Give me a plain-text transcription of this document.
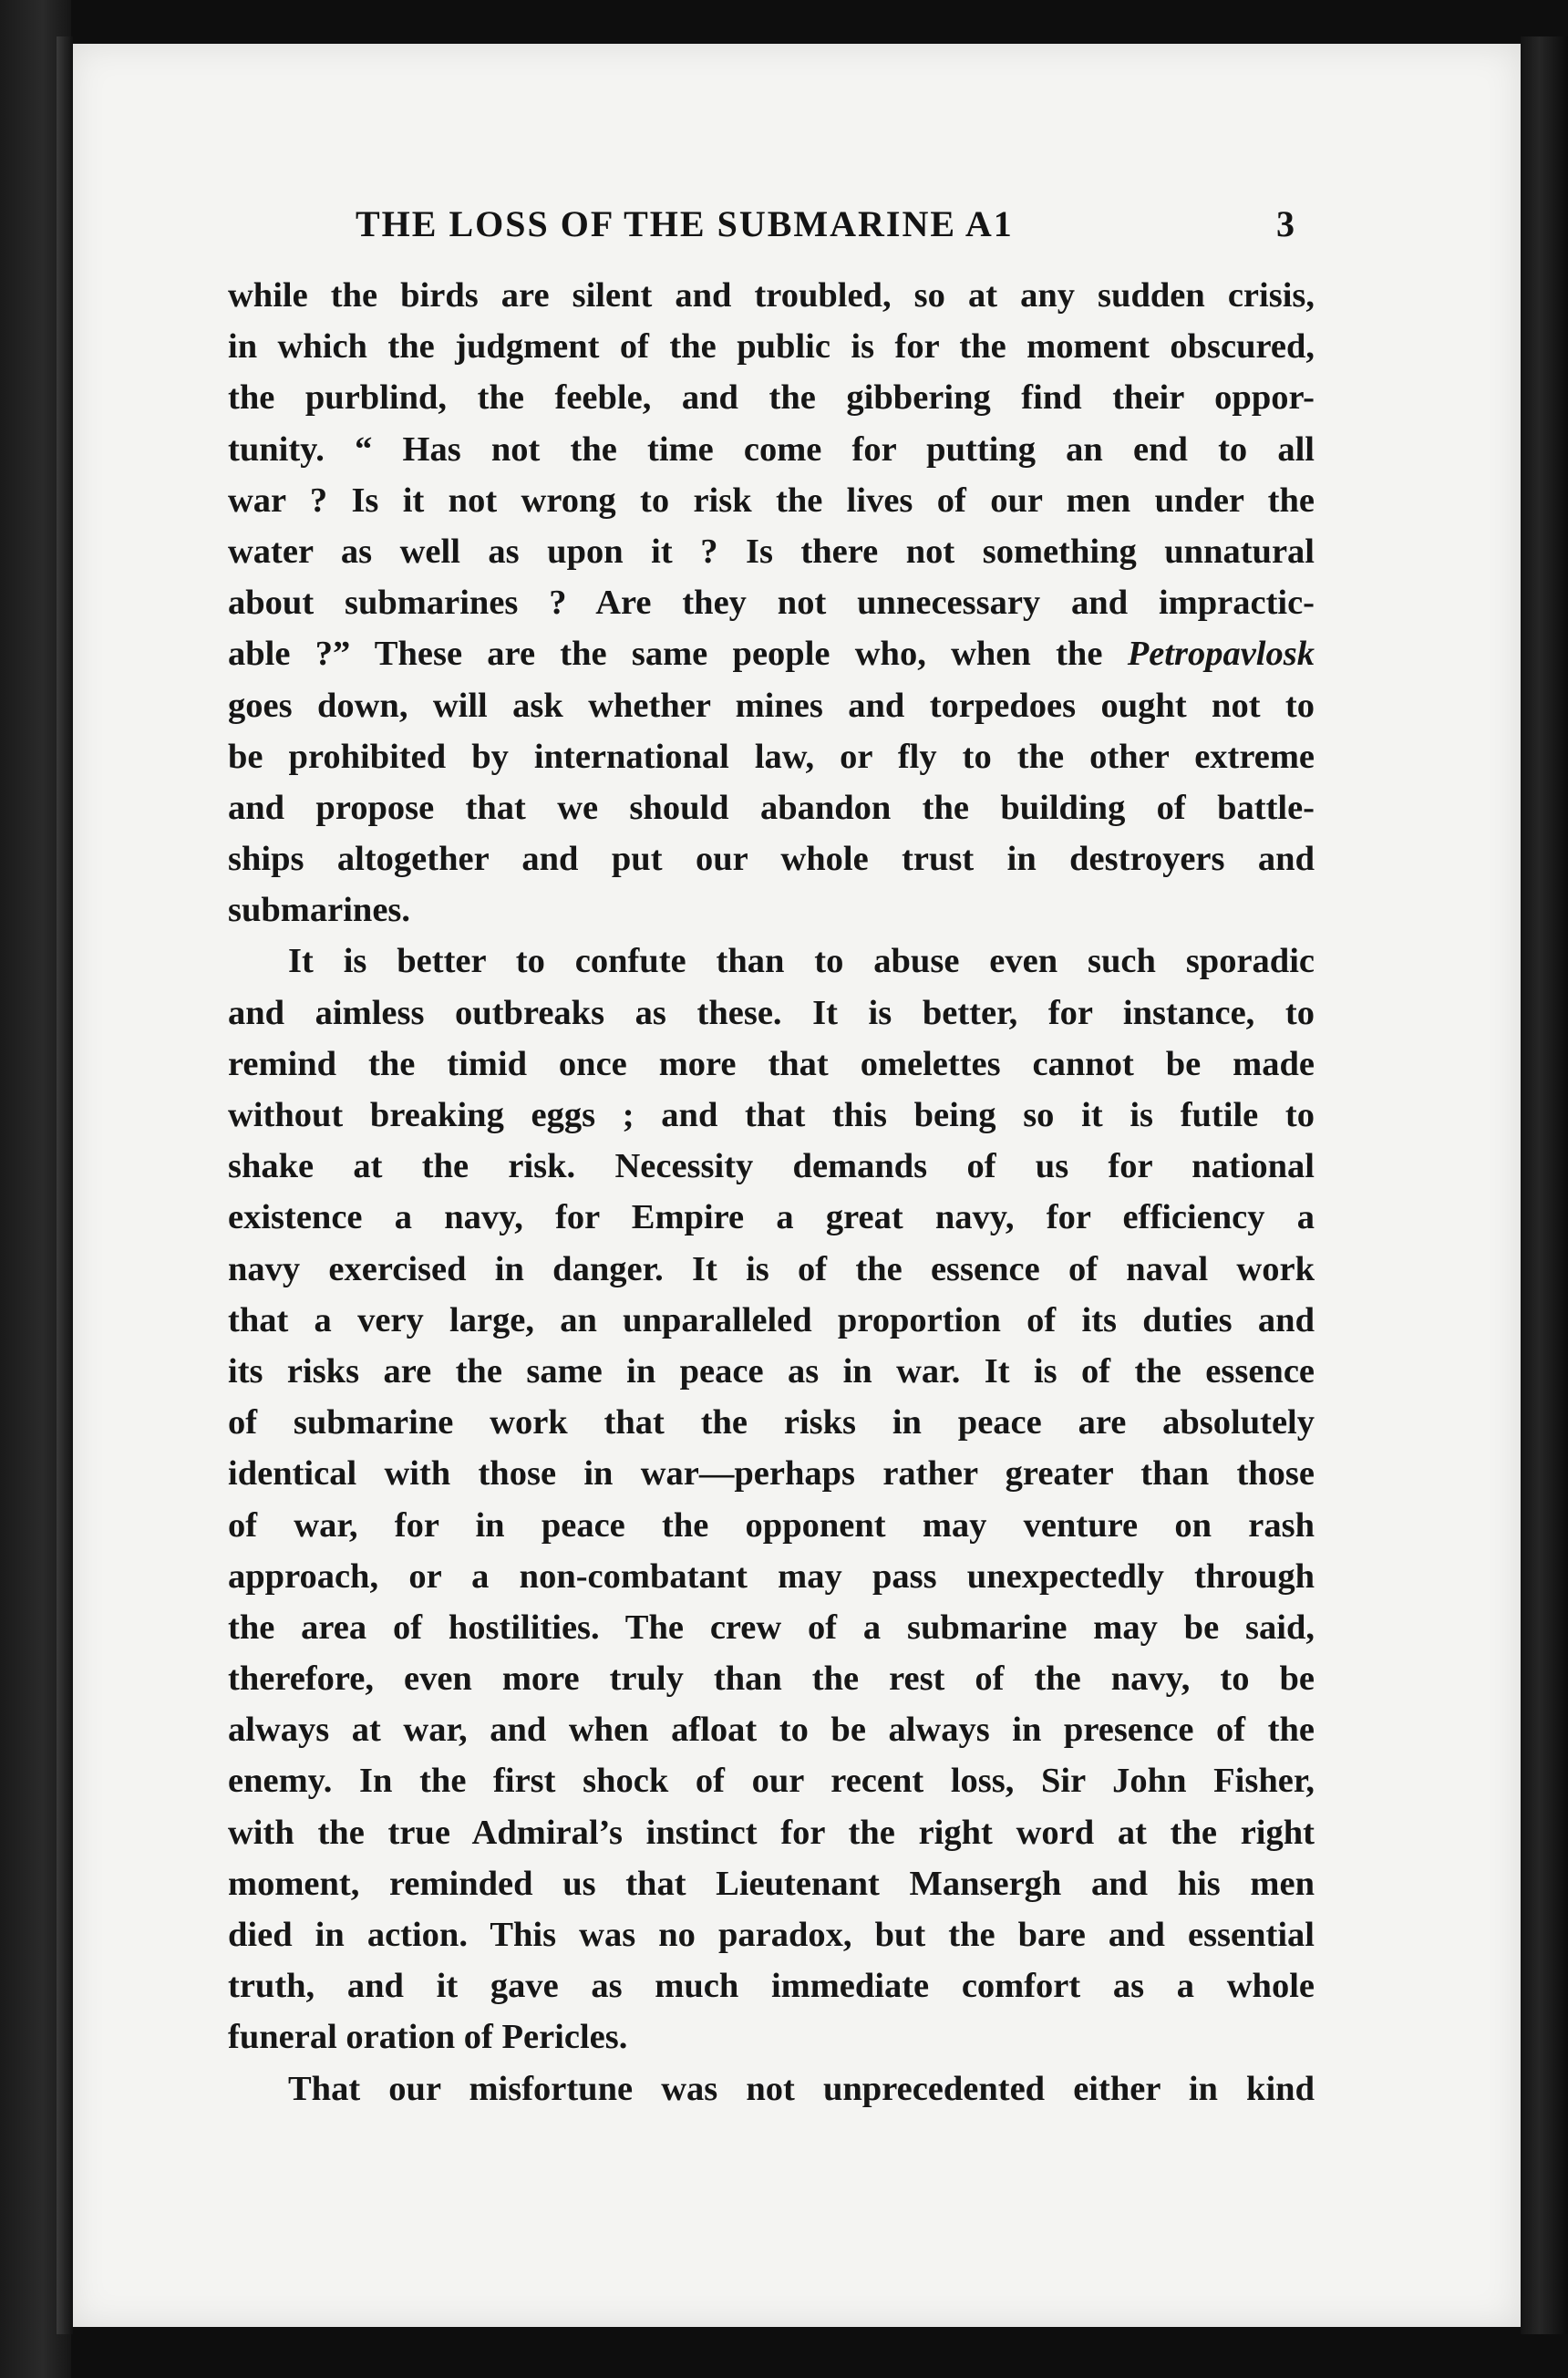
THE LOSS OF THE SUBMARINE A1	3
while the birds are silent and troubled, so at any sudden crisis,
in which the judgment of the public is for the moment obscured,
the purblind, the feeble, and the gibbering find their oppor-
tunity. “ Has not the time come for putting an end to all
war ? Is it not wrong to risk the lives of our men under the
water as well as upon it ? Is there not something unnatural
about submarines ? Are they not unnecessary and impractic-
able ?” These are the same people who, when the Petropavlosk
goes down, will ask whether mines and torpedoes ought not to
be prohibited by international law, or fly to the other extreme
and propose that we should abandon the building of battle-
ships altogether and put our whole trust in destroyers and
submarines.
It is better to confute than to abuse even such sporadic
and aimless outbreaks as these. It is better, for instance, to
remind the timid once more that omelettes cannot be made
without breaking eggs ; and that this being so it is futile to
shake at the risk. Necessity demands of us for national
existence a navy, for Empire a great navy, for efficiency a
navy exercised in danger. It is of the essence of naval work
that a very large, an unparalleled proportion of its duties and
its risks are the same in peace as in war. It is of the essence
of submarine work that the risks in peace are absolutely
identical with those in war—perhaps rather greater than those
of war, for in peace the opponent may venture on rash
approach, or a non-combatant may pass unexpectedly through
the area of hostilities. The crew of a submarine may be said,
therefore, even more truly than the rest of the navy, to be
always at war, and when afloat to be always in presence of the
enemy. In the first shock of our recent loss, Sir John Fisher,
with the true Admiral’s instinct for the right word at the right
moment, reminded us that Lieutenant Mansergh and his men
died in action. This was no paradox, but the bare and essential
truth, and it gave as much immediate comfort as a whole
funeral oration of Pericles.
That our misfortune was not unprecedented either in kind
